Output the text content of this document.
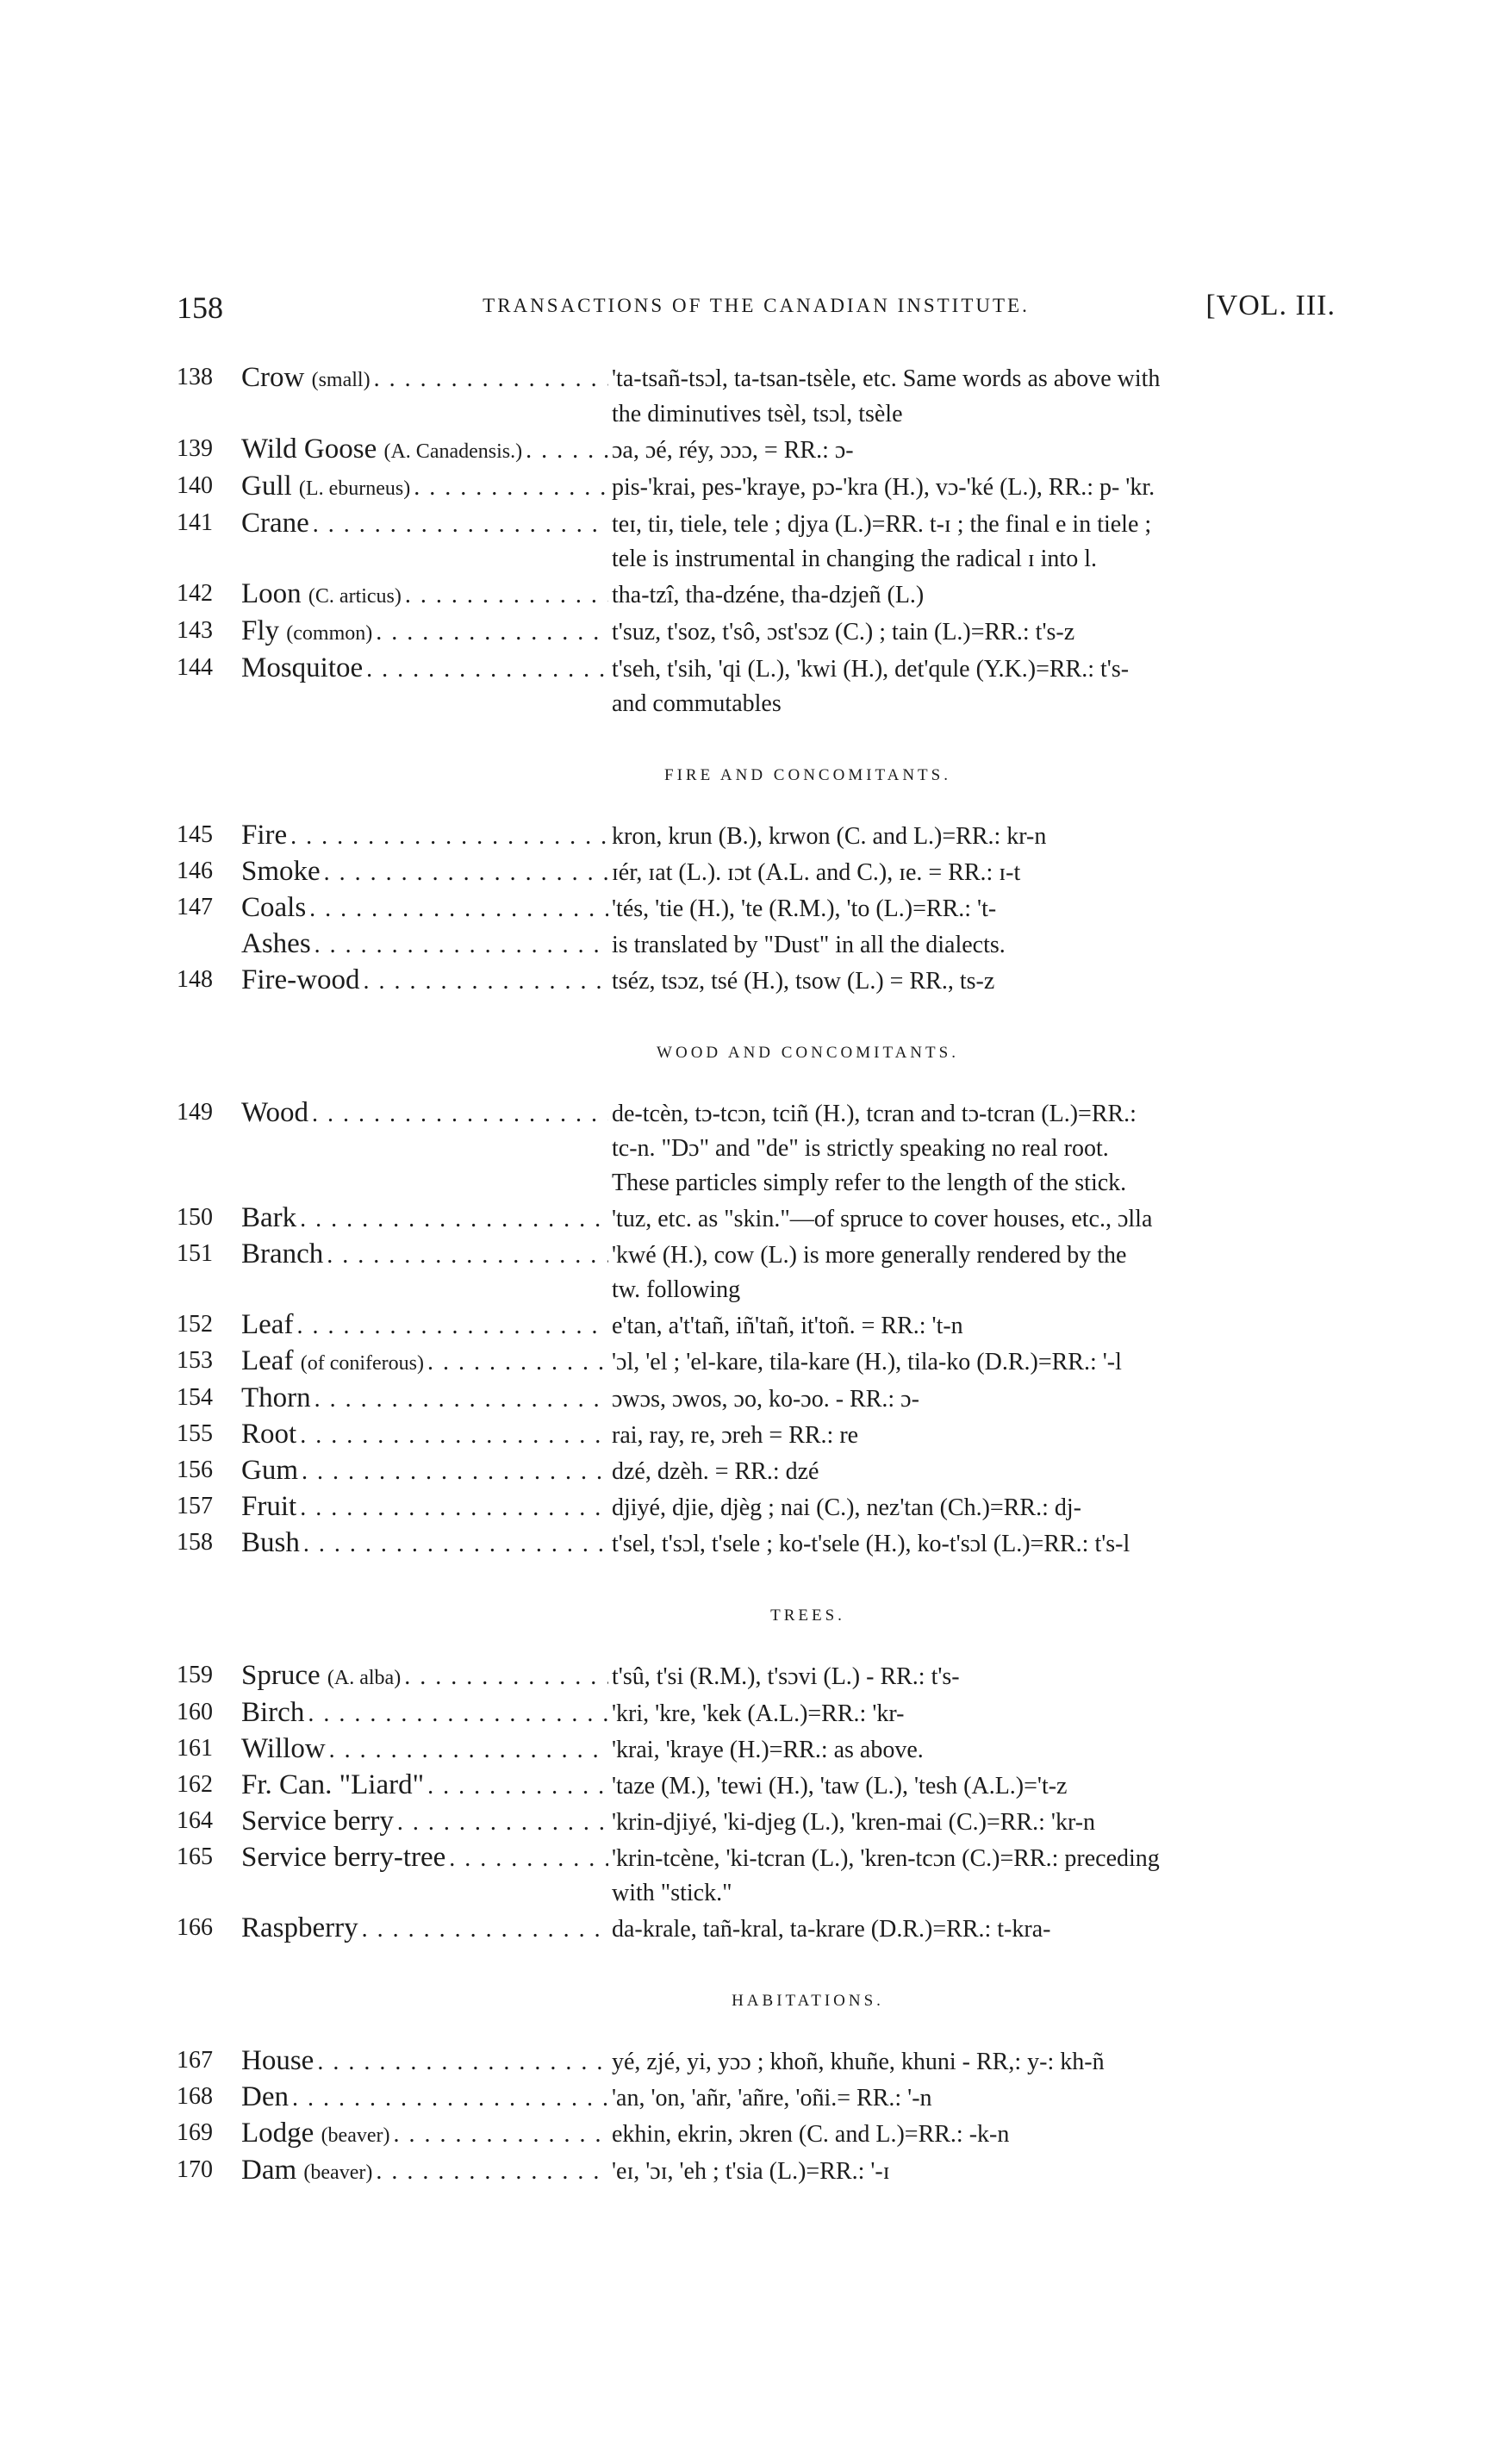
158	TRANSACTIONS OF THE CANADIAN INSTITUTE.	[VOL. III.
138	Crow (small) . . .	'ta-tsañ-tsɔl, ta-tsan-tsèle, etc. Same words as above with
the diminutives tsèl, tsɔl, tsèle
139	Wild Goose (A. Canadensis.) . . .	ɔa, ɔé, réy, ɔɔɔ, = RR.: ɔ-
140	Gull (L. eburneus) . . .	pis-'krai, pes-'kraye, pɔ-'kra (H.), vɔ-'ké (L.), RR.: p- 'kr.
141	Crane . . .	teɪ, tiɪ, tiele, tele ; djya (L.)=RR. t-ɪ ; the final e in tiele ;
tele is instrumental in changing the radical ɪ into l.
142	Loon (C. articus) . . .	tha-tzî, tha-dzéne, tha-dzjeñ (L.)
143	Fly (common) . . .	t'suz, t'soz, t'sô, ɔst'sɔz (C.) ; tain (L.)=RR.: t's-z
144	Mosquitoe . . .	t'seh, t'sih, 'qi (L.), 'kwi (H.), det'qule (Y.K.)=RR.: t's-
and commutables
FIRE AND CONCOMITANTS.
145	Fire . . .	kron, krun (B.), krwon (C. and L.)=RR.: kr-n
146	Smoke . . .	ɪér, ɪat (L.). ɪɔt (A.L. and C.), ɪe. = RR.: ɪ-t
147	Coals . . .	'tés, 'tie (H.), 'te (R.M.), 'to (L.)=RR.: 't-
Ashes . . .	is translated by "Dust" in all the dialects.
148	Fire-wood . . .	tséz, tsɔz, tsé (H.), tsow (L.) = RR., ts-z
WOOD AND CONCOMITANTS.
149	Wood . . .	de-tcèn, tɔ-tcɔn, tciñ (H.), tcran and tɔ-tcran (L.)=RR.:
tc-n. "Dɔ" and "de" is strictly speaking no real root.
These particles simply refer to the length of the stick.
150	Bark . . .	'tuz, etc. as "skin."—of spruce to cover houses, etc., ɔlla
151	Branch . . .	'kwé (H.), cow (L.) is more generally rendered by the
tw. following
152	Leaf . . .	e'tan, a't'tañ, iñ'tañ, it'toñ. = RR.: 't-n
153	Leaf (of coniferous) . . .	'ɔl, 'el ; 'el-kare, tila-kare (H.), tila-ko (D.R.)=RR.: '-l
154	Thorn . . .	ɔwɔs, ɔwos, ɔo, ko-ɔo. - RR.: ɔ-
155	Root . . .	rai, ray, re, ɔreh = RR.: re
156	Gum . . .	dzé, dzèh. = RR.: dzé
157	Fruit . . .	djiyé, djie, djèg ; nai (C.), nez'tan (Ch.)=RR.: dj-
158	Bush . . .	t'sel, t'sɔl, t'sele ; ko-t'sele (H.), ko-t'sɔl (L.)=RR.: t's-l
TREES.
159	Spruce (A. alba) . . .	t'sû, t'si (R.M.), t'sɔvi (L.) - RR.: t's-
160	Birch . . .	'kri, 'kre, 'kek (A.L.)=RR.: 'kr-
161	Willow . . .	'krai, 'kraye (H.)=RR.: as above.
162	Fr. Can. "Liard" . . .	'taze (M.), 'tewi (H.), 'taw (L.), 'tesh (A.L.)='t-z
164	Service berry . . .	'krin-djiyé, 'ki-djeg (L.), 'kren-mai (C.)=RR.: 'kr-n
165	Service berry-tree . . .	'krin-tcène, 'ki-tcran (L.), 'kren-tcɔn (C.)=RR.: preceding
with "stick."
166	Raspberry . . .	da-krale, tañ-kral, ta-krare (D.R.)=RR.: t-kra-
HABITATIONS.
167	House . . .	yé, zjé, yi, yɔɔ ; khoñ, khuñe, khuni - RR,: y-: kh-ñ
168	Den . . .	'an, 'on, 'añr, 'añre, 'oñi.= RR.: '-n
169	Lodge (beaver) . . .	ekhin, ekrin, ɔkren (C. and L.)=RR.: -k-n
170	Dam (beaver) . . .	'eɪ, 'ɔɪ, 'eh ; t'sia (L.)=RR.: '-ɪ
